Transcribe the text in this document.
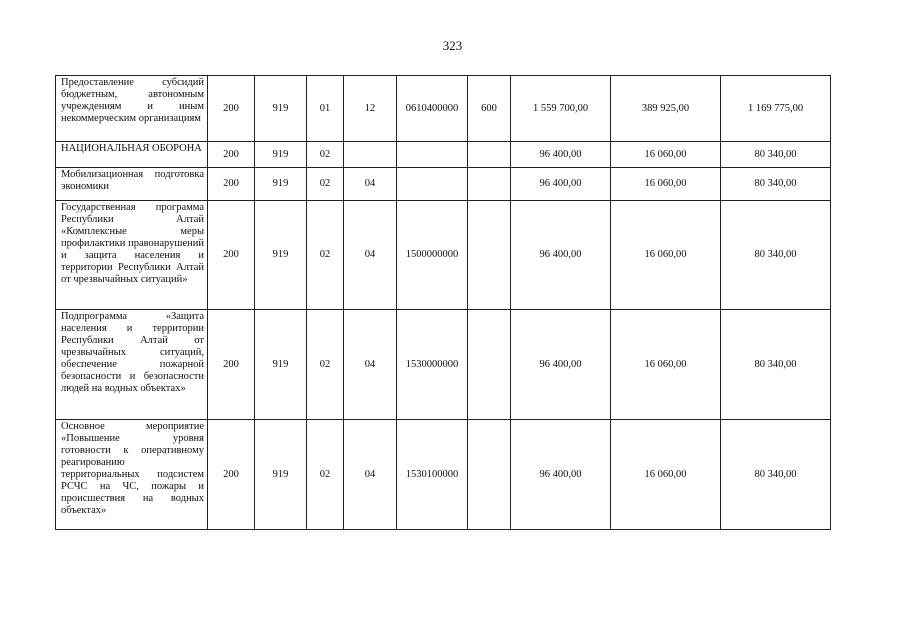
323
Предоставление субсидий бюджетным, автономным учреждениям и иным некоммерческим организациям	200	919	01	12	0610400000	600	1 559 700,00	389 925,00	1 169 775,00
НАЦИОНАЛЬНАЯ ОБОРОНА	200	919	02				96 400,00	16 060,00	80 340,00
Мобилизационная подготовка экономики	200	919	02	04			96 400,00	16 060,00	80 340,00
Государственная программа Республики Алтай «Комплексные меры профилактики правонарушений и защита населения и территории Республики Алтай от чрезвычайных ситуаций»	200	919	02	04	1500000000		96 400,00	16 060,00	80 340,00
Подпрограмма «Защита населения и территории Республики Алтай от чрезвычайных ситуаций, обеспечение пожарной безопасности и безопасности людей на водных объектах»	200	919	02	04	1530000000		96 400,00	16 060,00	80 340,00
Основное мероприятие «Повышение уровня готовности к оперативному реагированию территориальных подсистем РСЧС на ЧС, пожары и происшествия на водных объектах»	200	919	02	04	1530100000		96 400,00	16 060,00	80 340,00
